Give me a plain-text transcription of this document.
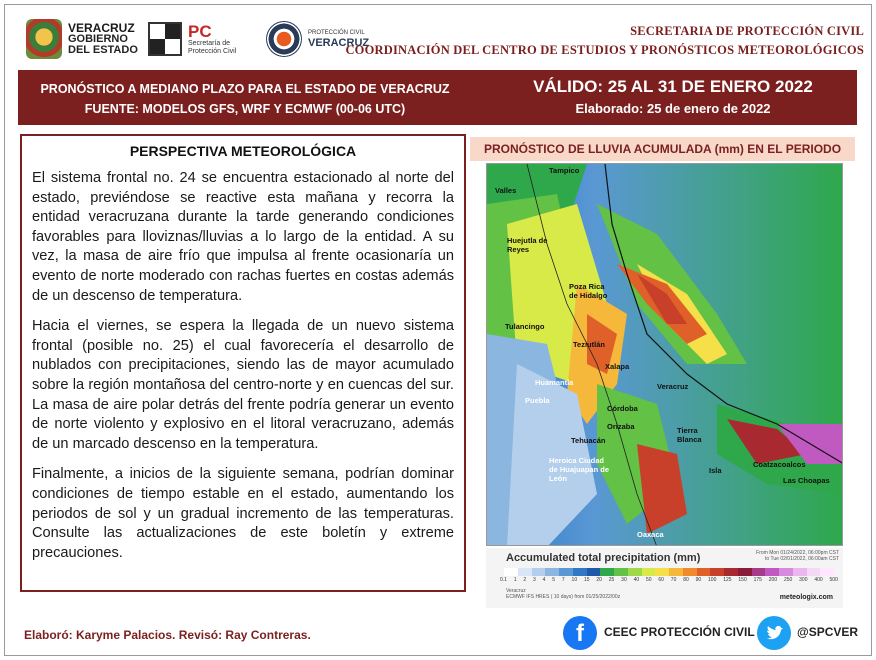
VERACRUZ
GOBIERNO
DEL ESTADO
PC
Secretaría de
Protección Civil
PROTECCIÓN CIVIL
VERACRUZ
SECRETARIA DE PROTECCIÓN CIVIL
COORDINACIÓN DEL CENTRO DE ESTUDIOS Y PRONÓSTICOS METEOROLÓGICOS
PRONÓSTICO A MEDIANO PLAZO PARA EL ESTADO DE VERACRUZ
FUENTE: MODELOS GFS, WRF Y ECMWF (00-06 UTC)
VÁLIDO: 25 AL 31 DE ENERO 2022
Elaborado: 25 de enero de 2022
PERSPECTIVA METEOROLÓGICA

El sistema frontal no. 24 se encuentra estacionado al norte del estado, previéndose se reactive esta mañana y recorra la entidad veracruzana durante la tarde generando condiciones favorables para lloviznas/lluvias a lo largo de la entidad. A su vez, la masa de aire frío que impulsa al frente ocasionaría un evento de norte moderado con rachas fuertes en costas además de un descenso de temperatura.

Hacia el viernes, se espera la llegada de un nuevo sistema frontal (posible no. 25) el cual favorecería el desarrollo de nublados con precipitaciones, siendo las de mayor acumulado sobre la región montañosa del centro-norte y en cuencas del sur. La masa de aire polar detrás del frente podría generar un evento de norte violento y explosivo en el litoral veracruzano, además de un marcado descenso en la temperatura.

Finalmente, a inicios de la siguiente semana, podrían dominar condiciones de tiempo estable en el estado, aumentando los periodos de sol y un gradual incremento de las temperaturas. Consulte las actualizaciones de este boletín y extreme precauciones.

PRONÓSTICO DE LLUVIA ACUMULADA (mm) EN EL PERIODO
Tampico
Valles
Huejutla de Reyes
Poza Rica de Hidalgo
Tulancingo
Teziutlán
Xalapa
Veracruz
Huamantla
Puebla
Córdoba
Orizaba
Tehuacán
Tierra Blanca
Isla
Coatzacoalcos
Las Choapas
Heroica Ciudad de Huajuapan de León
Oaxaca
Accumulated total precipitation (mm)	From Mon 01/24/2022, 06:00pm CST
to Tue 02/01/2022, 06:00am CST
0.1 1 2 3 4 5 7 10 15 20 25 30 40 50 60 70 80 90 100 125 150 175 200 250 300 400 500
Veracruz
ECMWF IFS HRES ( 10 days) from 01/25/2022/00z	meteologix.com
Elaboró: Karyme Palacios. Revisó: Ray Contreras.	f	CEEC PROTECCIÓN CIVIL	@SPCVER
